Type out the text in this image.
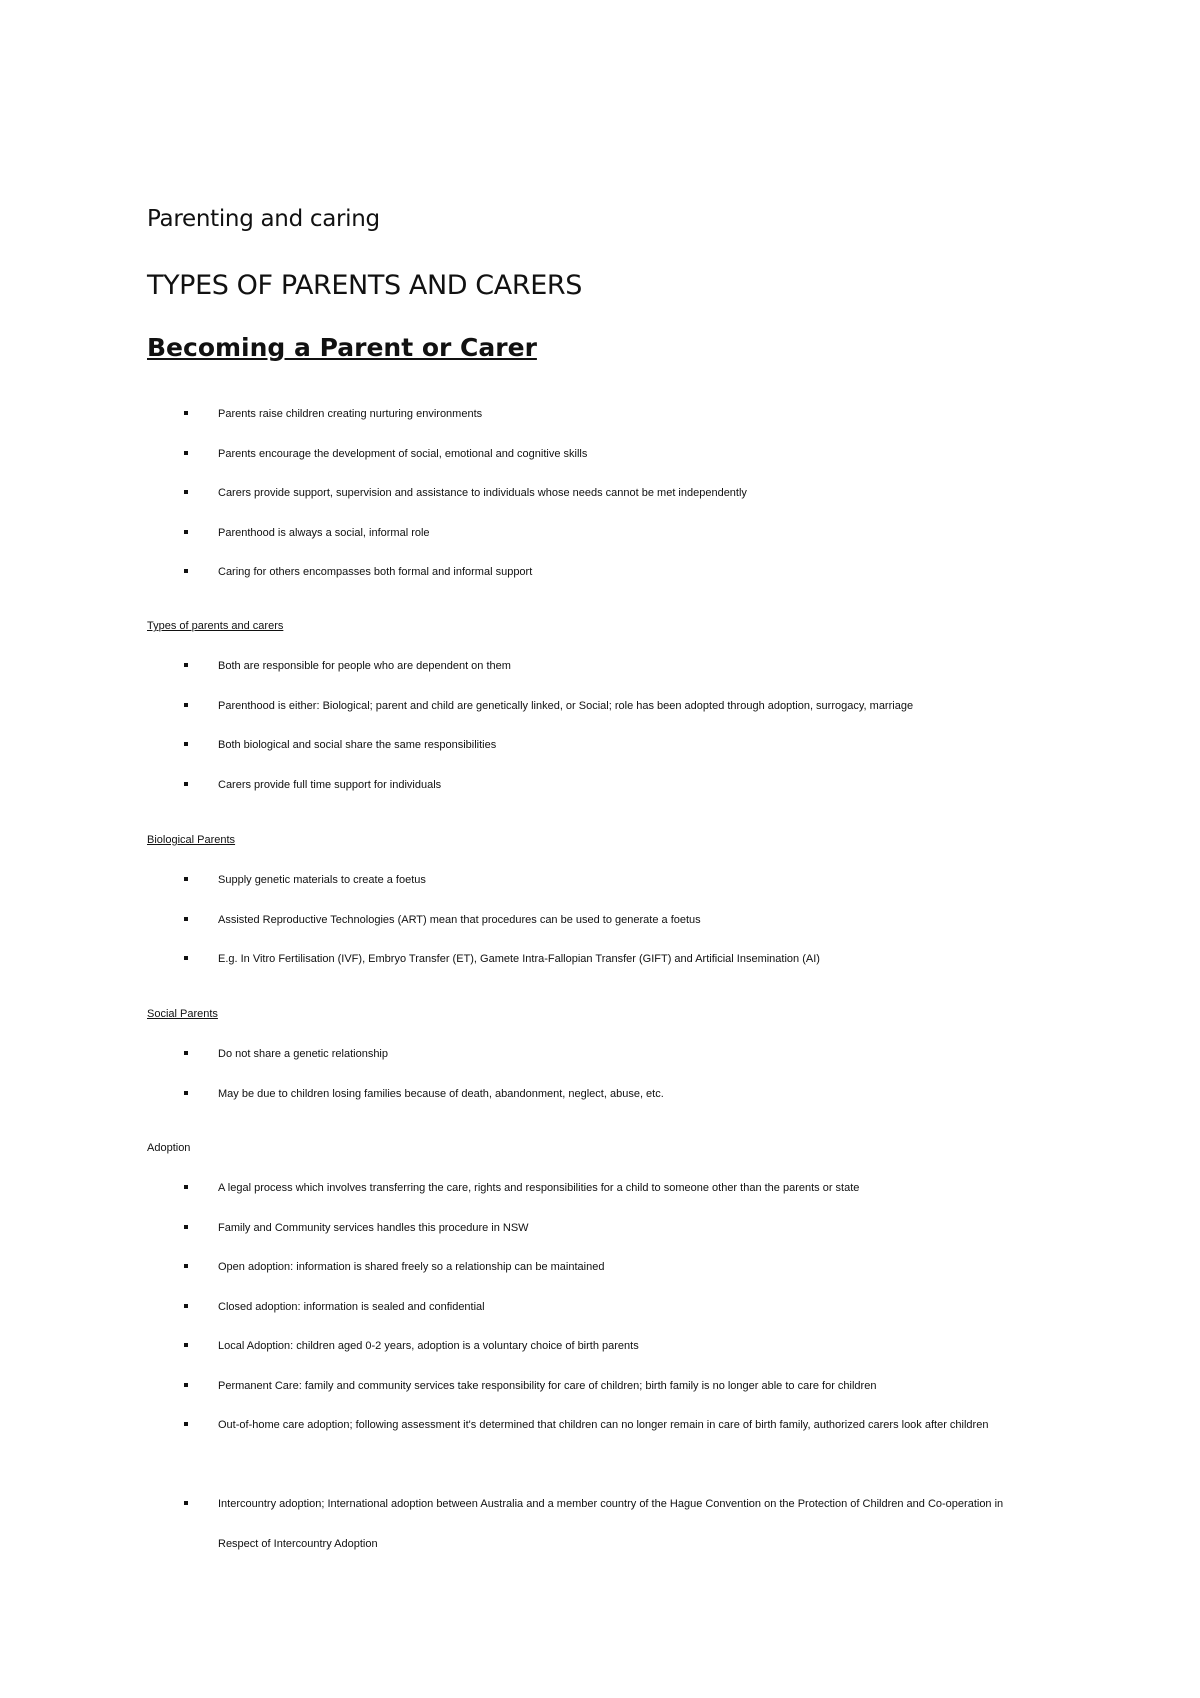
Parenting and caring
TYPES OF PARENTS AND CARERS
Becoming a Parent or Carer
Parents raise children creating nurturing environments
Parents encourage the development of social, emotional and cognitive skills
Carers provide support, supervision and assistance to individuals whose needs cannot be met independently
Parenthood is always a social, informal role
Caring for others encompasses both formal and informal support
Types of parents and carers
Both are responsible for people who are dependent on them
Parenthood is either: Biological; parent and child are genetically linked, or Social; role has been adopted through adoption, surrogacy, marriage
Both biological and social share the same responsibilities
Carers provide full time support for individuals
Biological Parents
Supply genetic materials to create a foetus
Assisted Reproductive Technologies (ART) mean that procedures can be used to generate a foetus
E.g. In Vitro Fertilisation (IVF), Embryo Transfer (ET), Gamete Intra-Fallopian Transfer (GIFT) and Artificial Insemination (AI)
Social Parents
Do not share a genetic relationship
May be due to children losing families because of death, abandonment, neglect, abuse, etc.
Adoption
A legal process which involves transferring the care, rights and responsibilities for a child to someone other than the parents or state
Family and Community services handles this procedure in NSW
Open adoption: information is shared freely so a relationship can be maintained
Closed adoption: information is sealed and confidential
Local Adoption: children aged 0-2 years, adoption is a voluntary choice of birth parents
Permanent Care: family and community services take responsibility for care of children; birth family is no longer able to care for children
Out-of-home care adoption; following assessment it's determined that children can no longer remain in care of birth family, authorized carers look after children
Intercountry adoption; International adoption between Australia and a member country of the Hague Convention on the Protection of Children and Co-operation in Respect of Intercountry Adoption
